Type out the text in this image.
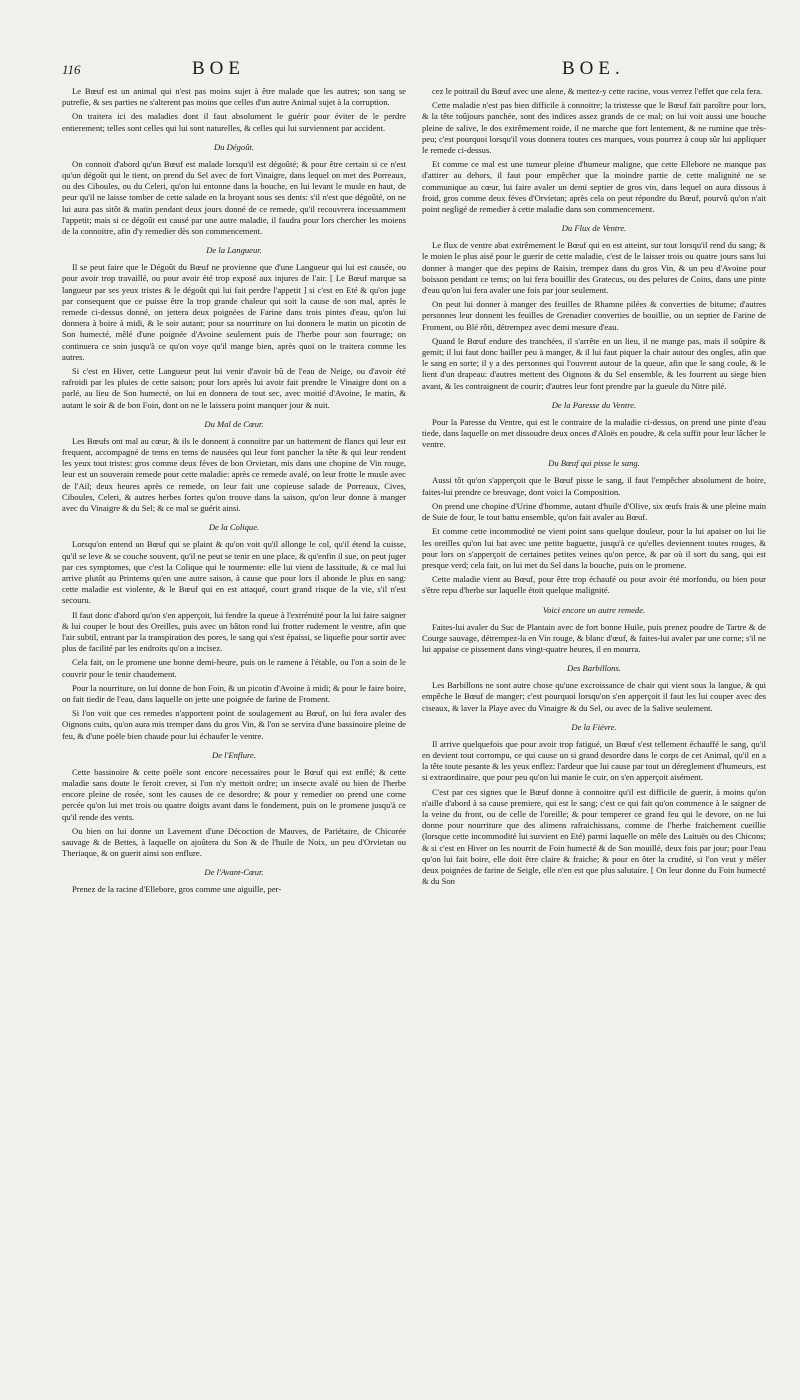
116	BOE	BOE.

Le Bœuf est un animal qui n'est pas moins sujet à être malade que les autres; son sang se putrefie, & ses parties ne s'alterent pas moins que celles d'un autre Animal sujet à la corruption.

On traitera ici des maladies dont il faut absolument le guérir pour éviter de le perdre entierement; telles sont celles qui lui sont naturelles, & celles qui lui surviennent par accident.

Du Dégoût.

On connoit d'abord qu'un Bœuf est malade lorsqu'il est dégoûté; & pour être certain si ce n'est qu'un dégoût qui le tient, on prend du Sel avec de fort Vinaigre, dans lequel on met des Porreaux, ou des Ciboules, ou du Celeri, qu'on lui entonne dans la bouche, en lui levant le musle en haut, de peur qu'il ne laisse tomber de cette salade en la broyant sous ses dents: s'il n'est que dégoûté, on ne lui aura pas sitôt & matin pendant deux jours donné de ce remede, qu'il recouvrera incessamment l'appetit; mais si ce dégoût est causé par une autre maladie, il faudra pour lors chercher les moiens de la connoitre, afin d'y remedier dès son commencement.

De la Langueur.

Il se peut faire que le Dégoût du Bœuf ne provienne que d'une Langueur qui lui est causée, ou pour avoir trop travaillé, ou pour avoir été trop exposé aux injures de l'air. [ Le Bœuf marque sa langueur par ses yeux tristes & le dégoût qui lui fait perdre l'appetit ] si c'est en Eté & qu'on juge par consequent que ce puisse être la trop grande chaleur qui soit la cause de son mal, après le remede ci-dessus donné, on jettera deux poignées de Farine dans trois pintes d'eau, qu'on lui donnera à boire à midi, & le soir autant; pour sa nourriture on lui donnera le matin un picotin de Son humecté, mêlé d'une poignée d'Avoine seulement puis de l'herbe pour son fourrage; on continuera ce soin jusqu'à ce qu'on voye qu'il mange bien, après quoi on le traitera comme les autres.

Si c'est en Hiver, cette Langueur peut lui venir d'avoir bû de l'eau de Neige, ou d'avoir été rafroidi par les pluies de cette saison; pour lors après lui avoir fait prendre le Vinaigre dont on a parlé, au lieu de Son humecté, on lui en donnera de tout sec, avec moitié d'Avoine, le matin, & autant le soir & de bon Foin, dont on ne le laissera point manquer jour & nuit.

Du Mal de Cœur.

Les Bœufs ont mal au cœur, & ils le donnent à connoitre par un battement de flancs qui leur est frequent, accompagné de tems en tems de nausées qui leur font pancher la tête & qui leur rendent les yeux tout tristes: gros comme deux féves de bon Orvietan, mis dans une chopine de Vin rouge, leur est un souverain remede pour cette maladie: après ce remede avalé, on leur frotte le musle avec de l'Ail; deux heures après ce remede, on leur fait une copieuse salade de Porreaux, Cives, Ciboules, Celeri, & autres herbes fortes qu'on trouve dans la saison, qu'on leur donne à manger avec du Vinaigre & du Sel; & ce mal se guérit ainsi.

De la Colique.

Lorsqu'on entend un Bœuf qui se plaint & qu'on voit qu'il allonge le col, qu'il étend la cuisse, qu'il se leve & se couche souvent, qu'il ne peut se tenir en une place, & qu'enfin il sue, on peut juger par ces symptomes, que c'est la Colique qui le tourmente: elle lui vient de lassitude, & ce mal lui arrive plutôt au Printems qu'en une autre saison, à cause que pour lors il abonde le plus en sang: cette maladie est violente, & le Bœuf qui en est attaqué, court grand risque de la vie, s'il n'est secouru.

Il faut donc d'abord qu'on s'en apperçoit, lui fendre la queue à l'extrémité pour la lui faire saigner & lui couper le bout des Oreilles, puis avec un bâton rond lui frotter rudement le ventre, afin que l'air subtil, entrant par la transpiration des pores, le sang qui s'est épaissi, se liquefie pour sortir avec plus de facilité par les endroits qu'on a incisez.

Cela fait, on le promene une bonne demi-heure, puis on le ramene à l'étable, ou l'on a soin de le couvrir pour le tenir chaudement.

Pour la nourriture, on lui donne de bon Foin, & un picotin d'Avoine à midi; & pour le faire boire, on fait tiedir de l'eau, dans laquelle on jette une poignée de farine de Froment.

Si l'on voit que ces remedes n'apportent point de soulagement au Bœuf, on lui fera avaler des Oignons cuits, qu'on aura mis tremper dans du gros Vin, & l'on se servira d'une bassinoire pleine de feu, & d'une poële bien chaude pour lui échaufer le ventre.

De l'Enflure.

Cette bassinoire & cette poële sont encore necessaires pour le Bœuf qui est enflé; & cette maladie sans doute le feroit crever, si l'on n'y mettoit ordre; un insecte avalé ou bien de l'herbe encore pleine de rosée, sont les causes de ce desordre; & pour y remedier on prend une corne percée qu'on lui met trois ou quatre doigts avant dans le fondement, puis on le promene jusqu'à ce qu'il rende des vents.

Ou bien on lui donne un Lavement d'une Décoction de Mauves, de Pariétaire, de Chicorée sauvage & de Bettes, à laquelle on ajoûtera du Son & de l'huile de Noix, un peu d'Orvietan ou Theriaque, & on guerit ainsi son enflure.

De l'Avant-Cœur.

Prenez de la racine d'Ellebore, gros comme une aiguille, per-

cez le poitrail du Bœuf avec une alene, & mettez-y cette racine, vous verrez l'effet que cela fera.

Cette maladie n'est pas bien difficile à connoitre; la tristesse que le Bœuf fait paroître pour lors, & la tête toûjours panchée, sont des indices assez grands de ce mal; on lui voit aussi une bouche pleine de salive, le dos extrêmement roide, il ne marche que fort lentement, & ne rumine que très-peu; c'est pourquoi lorsqu'il vous donnera toutes ces marques, vous pourrez à coup sûr lui appliquer le remede ci-dessus.

Et comme ce mal est une tumeur pleine d'humeur maligne, que cette Ellebore ne manque pas d'attirer au dehors, il faut pour empêcher que la moindre partie de cette malignité ne se communique au cœur, lui faire avaler un demi septier de gros vin, dans lequel on aura dissous à froid, gros comme deux féves d'Orvietan; après cela on peut répondre du Bœuf, pourvû qu'on n'ait point negligé de remedier à cette maladie dans son commencement.

Du Flux de Ventre.

Le flux de ventre abat extrêmement le Bœuf qui en est atteint, sur tout lorsqu'il rend du sang; & le moien le plus aisé pour le guerir de cette maladie, c'est de le laisser trois ou quatre jours sans lui donner à manger que des pepins de Raisin, trempez dans du gros Vin, & un peu d'Avoine pour boisson pendant ce tems; on lui fera bouillir des Gratecus, ou des pelures de Coins, dans une pinte d'eau qu'on lui fera avaler une fois par jour seulement.

On peut lui donner à manger des feuilles de Rhamne pilées & converties de bitume; d'autres personnes leur donnent les feuilles de Grenadier converties de bouillie, ou un septier de Farine de Froment, ou Blé rôti, détrempez avec demi mesure d'eau.

Quand le Bœuf endure des tranchées, il s'arrête en un lieu, il ne mange pas, mais il soûpire & gemit; il lui faut donc bailler peu à manger, & il lui faut piquer la chair autour des ongles, afin que le sang en sorte; il y a des personnes qui l'ouvrent autour de la queue, afin que le sang coule, & le lient d'un drapeau: d'autres mettent des Oignons & du Sel ensemble, & les fourrent au siege bien avant, & les contraignent de courir; d'autres leur font prendre par la gueule du Nitre pilé.

De la Paresse du Ventre.

Pour la Paresse du Ventre, qui est le contraire de la maladie ci-dessus, on prend une pinte d'eau tiede, dans laquelle on met dissoudre deux onces d'Aloës en poudre, & cela suffit pour leur lâcher le ventre.

Du Bœuf qui pisse le sang.

Aussi tôt qu'on s'apperçoit que le Bœuf pisse le sang, il faut l'empêcher absolument de boire, faites-lui prendre ce breuvage, dont voici la Composition.

On prend une chopine d'Urine d'homme, autant d'huile d'Olive, six œufs frais & une pleine main de Suie de four, le tout battu ensemble, qu'on fait avaler au Bœuf.

Et comme cette incommodité ne vient point sans quelque douleur, pour la lui apaiser on lui lie les oreilles qu'on lui bat avec une petite baguette, jusqu'à ce qu'elles deviennent toutes rouges, & pour lors on s'apperçoit de certaines petites veines qu'on perce, & par où il sort du sang, qui est presque verd; cela fait, on lui met du Sel dans la bouche, puis on le promene.

Cette maladie vient au Bœuf, pour être trop échaufé ou pour avoir été morfondu, ou bien pour s'être repu d'herbe sur laquelle étoit quelque malignité.

Voici encore un autre remede.

Faites-lui avaler du Suc de Plantain avec de fort bonne Huile, puis prenez poudre de Tartre & de Courge sauvage, détrempez-la en Vin rouge, & blanc d'œuf, & faites-lui avaler par une corne; s'il ne lui appaise ce pissement dans vingt-quatre heures, il en mourra.

Des Barbillons.

Les Barbillons ne sont autre chose qu'une excroissance de chair qui vient sous la langue, & qui empêche le Bœuf de manger; c'est pourquoi lorsqu'on s'en apperçoit il faut les lui couper avec des ciseaux, & laver la Playe avec du Vinaigre & du Sel, ou avec de la Salive seulement.

De la Fiévre.

Il arrive quelquefois que pour avoir trop fatigué, un Bœuf s'est tellement échauffé le sang, qu'il en devient tout corrompu, ce qui cause un si grand desordre dans le corps de cet Animal, qu'il en a la tête toute pesante & les yeux enflez: l'ardeur que lui cause par tout un déreglement d'humeurs, est si extraordinaire, que pour peu qu'on lui manie le cuir, on s'en apperçoit aisément.

C'est par ces signes que le Bœuf donne à connoitre qu'il est difficile de guerir, à moins qu'on n'aille d'abord à sa cause premiere, qui est le sang; c'est ce qui fait qu'on commence à le saigner de la veine du front, ou de celle de l'oreille; & pour temperer ce grand feu qui le devore, on ne lui donne pour nourriture que des alimens rafraichissans, comme de l'herbe fraichement cueillie (lorsque cette incommodité lui survient en Eté) parmi laquelle on mêle des Laituës ou des Chicons; & si c'est en Hiver on les nourrit de Foin humecté & de Son mouillé, deux fois par jour; pour l'eau qu'on lui fait boire, elle doit être claire & fraiche; & pour en ôter la crudité, si l'on veut y mêler deux poignées de farine de Seigle, elle n'en est que plus salutaire. [ On leur donne du Foin humecté & du Son
